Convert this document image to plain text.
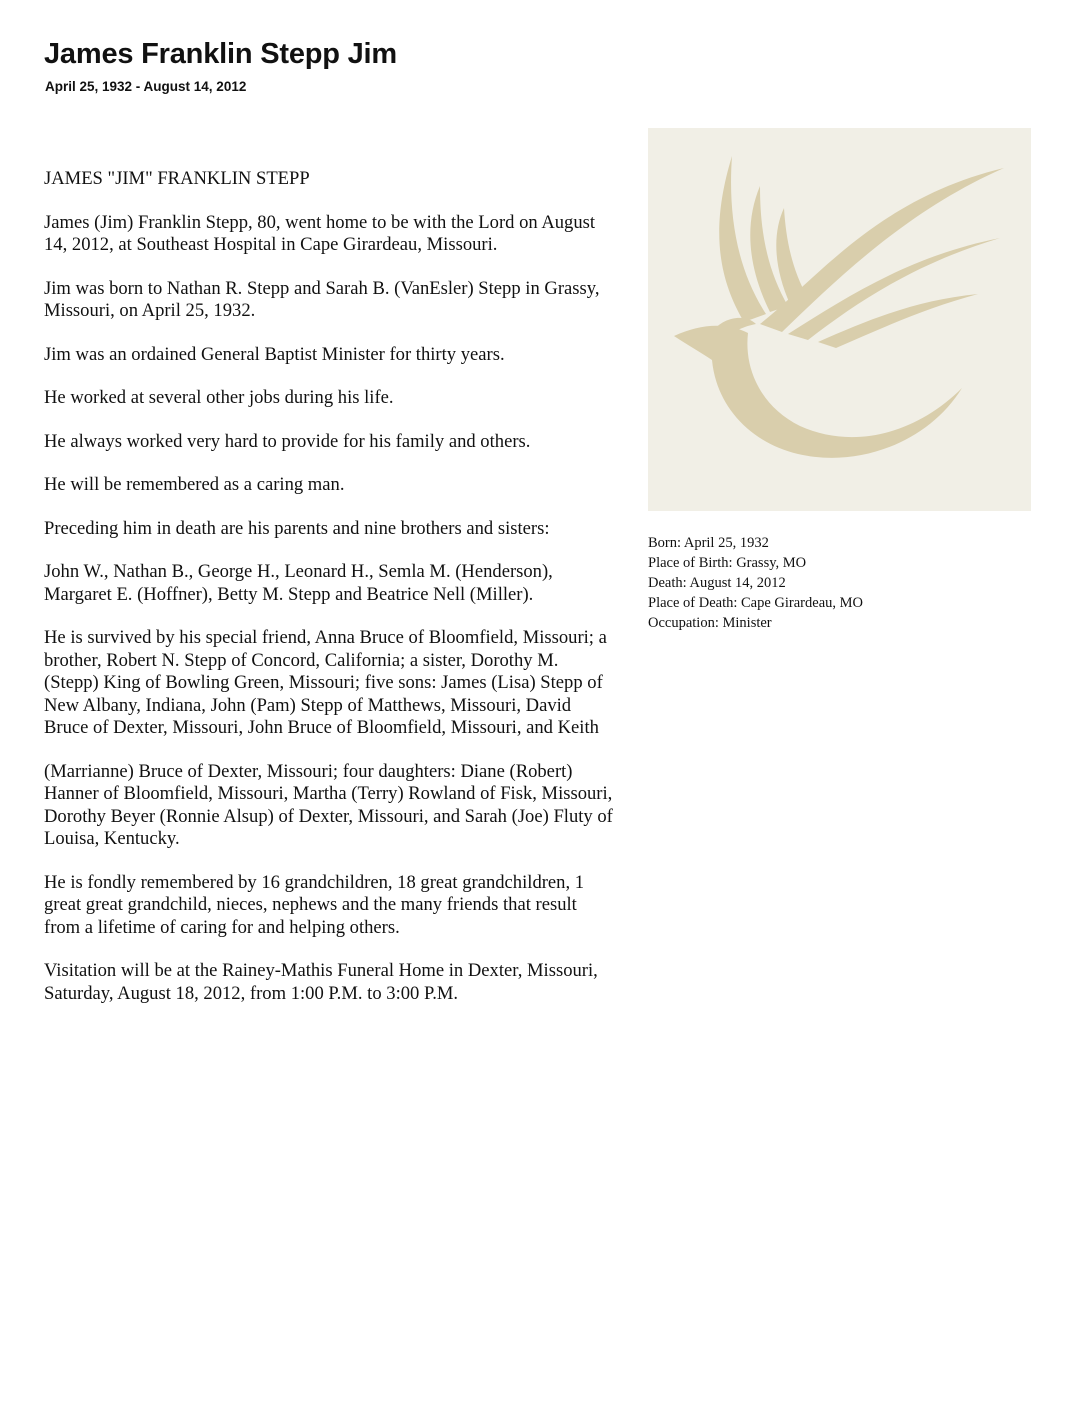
James Franklin Stepp Jim
April 25, 1932 - August 14, 2012

JAMES "JIM" FRANKLIN STEPP

James (Jim) Franklin Stepp, 80, went home to be with the Lord on August 14, 2012, at Southeast Hospital in Cape Girardeau, Missouri.

Jim was born to Nathan R. Stepp and Sarah B. (VanEsler) Stepp in Grassy, Missouri, on April 25, 1932.

Jim was an ordained General Baptist Minister for thirty years.

He worked at several other jobs during his life.

He always worked very hard to provide for his family and others.

He will be remembered as a caring man.

Preceding him in death are his parents and nine brothers and sisters:

John W., Nathan B., George H., Leonard H., Semla M. (Henderson), Margaret E. (Hoffner), Betty M. Stepp and Beatrice Nell (Miller).

He is survived by his special friend, Anna Bruce of Bloomfield, Missouri; a brother, Robert N. Stepp of Concord, California; a sister, Dorothy M. (Stepp) King of Bowling Green, Missouri; five sons: James (Lisa) Stepp of New Albany, Indiana, John (Pam) Stepp of Matthews, Missouri, David Bruce of Dexter, Missouri, John Bruce of Bloomfield, Missouri, and Keith

(Marrianne) Bruce of Dexter, Missouri; four daughters: Diane (Robert) Hanner of Bloomfield, Missouri, Martha (Terry) Rowland of Fisk, Missouri, Dorothy Beyer (Ronnie Alsup) of Dexter, Missouri, and Sarah (Joe) Fluty of Louisa, Kentucky.

He is fondly remembered by 16 grandchildren, 18 great grandchildren, 1 great great grandchild, nieces, nephews and the many friends that result from a lifetime of caring for and helping others.

Visitation will be at the Rainey-Mathis Funeral Home in Dexter, Missouri, Saturday, August 18, 2012, from 1:00 P.M. to 3:00 P.M.

Born: April 25, 1932
Place of Birth: Grassy, MO
Death: August 14, 2012
Place of Death: Cape Girardeau, MO
Occupation: Minister
